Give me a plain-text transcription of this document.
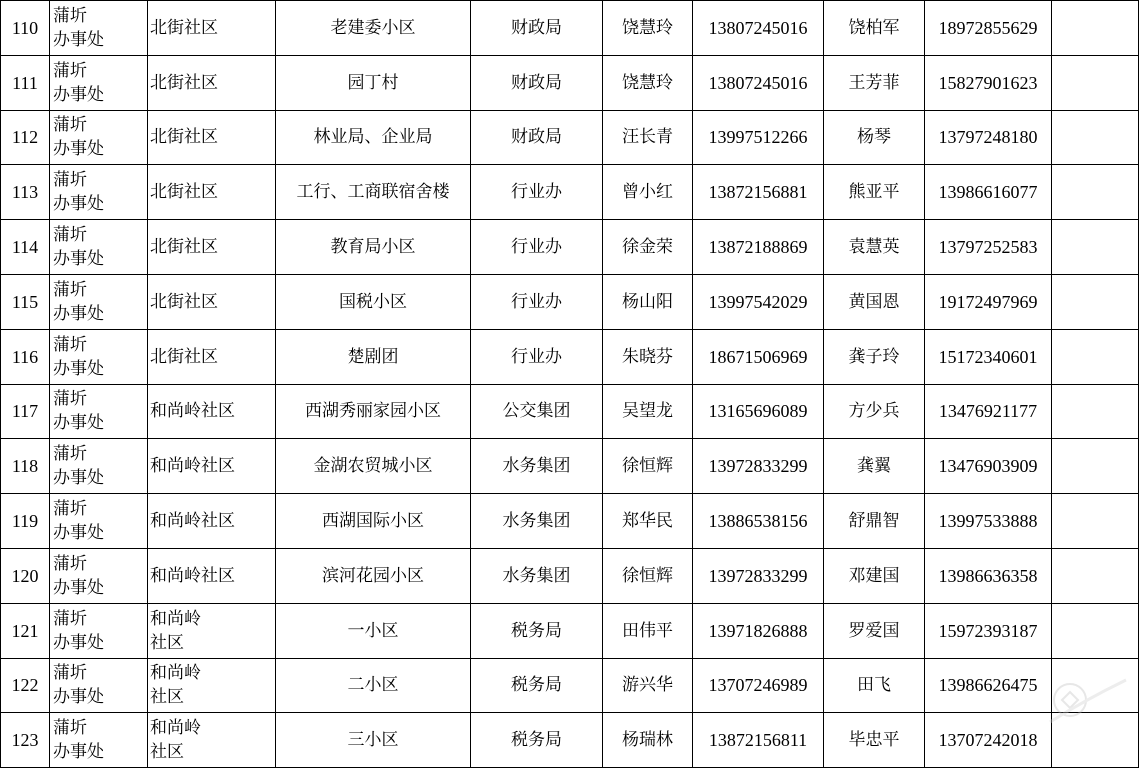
110	蒲圻
办事处	北街社区	老建委小区	财政局	饶慧玲	13807245016	饶柏军	18972855629	
111	蒲圻
办事处	北街社区	园丁村	财政局	饶慧玲	13807245016	王芳菲	15827901623	
112	蒲圻
办事处	北街社区	林业局、企业局	财政局	汪长青	13997512266	杨琴	13797248180	
113	蒲圻
办事处	北街社区	工行、工商联宿舍楼	行业办	曾小红	13872156881	熊亚平	13986616077	
114	蒲圻
办事处	北街社区	教育局小区	行业办	徐金荣	13872188869	袁慧英	13797252583	
115	蒲圻
办事处	北街社区	国税小区	行业办	杨山阳	13997542029	黄国恩	19172497969	
116	蒲圻
办事处	北街社区	楚剧团	行业办	朱晓芬	18671506969	龚子玲	15172340601	
117	蒲圻
办事处	和尚岭社区	西湖秀丽家园小区	公交集团	吴望龙	13165696089	方少兵	13476921177	
118	蒲圻
办事处	和尚岭社区	金湖农贸城小区	水务集团	徐恒辉	13972833299	龚翼	13476903909	
119	蒲圻
办事处	和尚岭社区	西湖国际小区	水务集团	郑华民	13886538156	舒鼎智	13997533888	
120	蒲圻
办事处	和尚岭社区	滨河花园小区	水务集团	徐恒辉	13972833299	邓建国	13986636358	
121	蒲圻
办事处	和尚岭
社区	一小区	税务局	田伟平	13971826888	罗爱国	15972393187	
122	蒲圻
办事处	和尚岭
社区	二小区	税务局	游兴华	13707246989	田飞	13986626475	
123	蒲圻
办事处	和尚岭
社区	三小区	税务局	杨瑞林	13872156811	毕忠平	13707242018	
